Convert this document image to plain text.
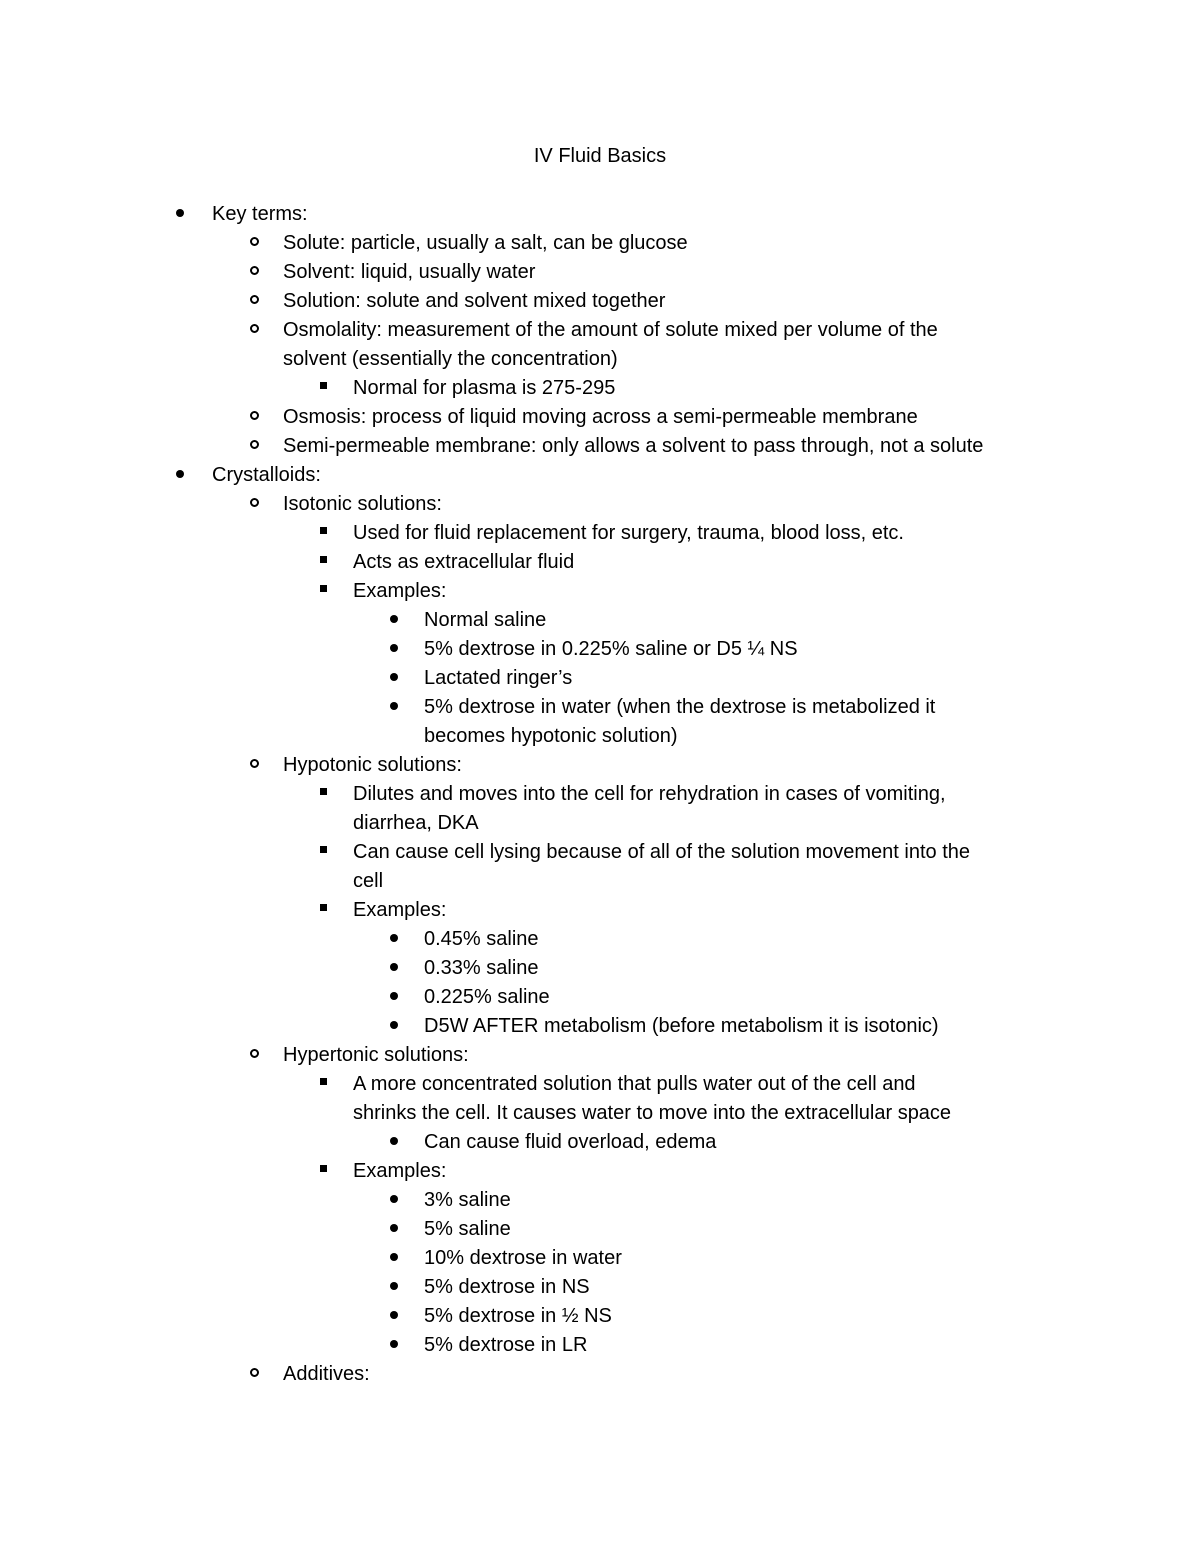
IV Fluid Basics
Key terms:
Solute: particle, usually a salt, can be glucose
Solvent: liquid, usually water
Solution: solute and solvent mixed together
Osmolality: measurement of the amount of solute mixed per volume of the
solvent (essentially the concentration)
Normal for plasma is 275-295
Osmosis: process of liquid moving across a semi-permeable membrane
Semi-permeable membrane: only allows a solvent to pass through, not a solute
Crystalloids:
Isotonic solutions:
Used for fluid replacement for surgery, trauma, blood loss, etc.
Acts as extracellular fluid
Examples:
Normal saline
5% dextrose in 0.225% saline or D5 ¼ NS
Lactated ringer’s
5% dextrose in water (when the dextrose is metabolized it
becomes hypotonic solution)
Hypotonic solutions:
Dilutes and moves into the cell for rehydration in cases of vomiting,
diarrhea, DKA
Can cause cell lysing because of all of the solution movement into the
cell
Examples:
0.45% saline
0.33% saline
0.225% saline
D5W AFTER metabolism (before metabolism it is isotonic)
Hypertonic solutions:
A more concentrated solution that pulls water out of the cell and
shrinks the cell. It causes water to move into the extracellular space
Can cause fluid overload, edema
Examples:
3% saline
5% saline
10% dextrose in water
5% dextrose in NS
5% dextrose in ½ NS
5% dextrose in LR
Additives:
